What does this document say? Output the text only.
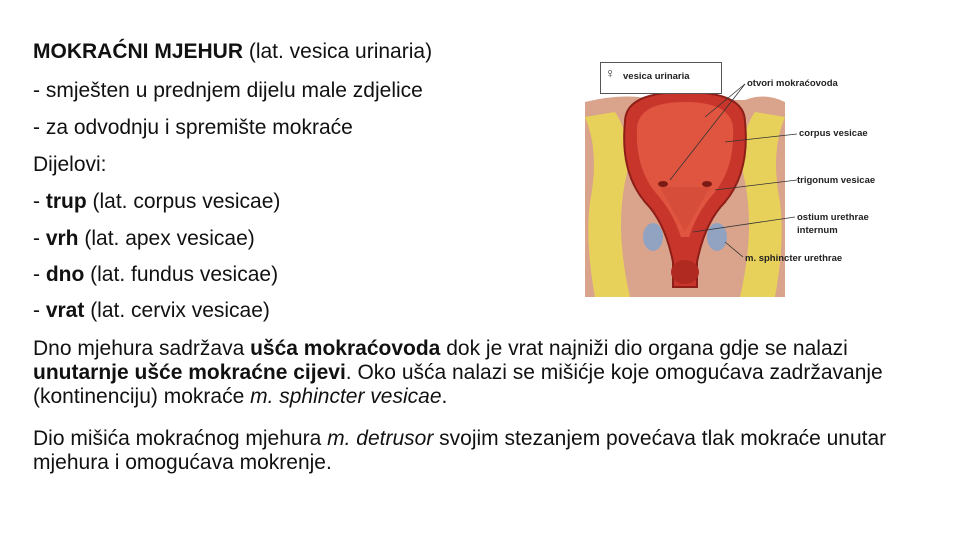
MOKRAĆNI MJEHUR (lat. vesica urinaria)
- smješten u prednjem dijelu male zdjelice
- za odvodnju i spremište mokraće
Dijelovi:
- trup (lat. corpus vesicae)
- vrh (lat. apex vesicae)
- dno (lat. fundus vesicae)
- vrat (lat. cervix vesicae)
Dno mjehura sadržava ušća mokraćovoda dok je vrat najniži dio organa gdje se nalazi unutarnje ušće mokraćne cijevi. Oko ušća nalazi se mišićje koje omogućava zadržavanje (kontinenciju) mokraće m. sphincter vesicae.
Dio mišića mokraćnog mjehura m. detrusor svojim stezanjem povećava tlak mokraće unutar mjehura i omogućava mokrenje.
♀ vesica urinaria
otvori mokraćovoda
corpus vesicae
trigonum vesicae
ostium urethrae
internum
m. sphincter urethrae
